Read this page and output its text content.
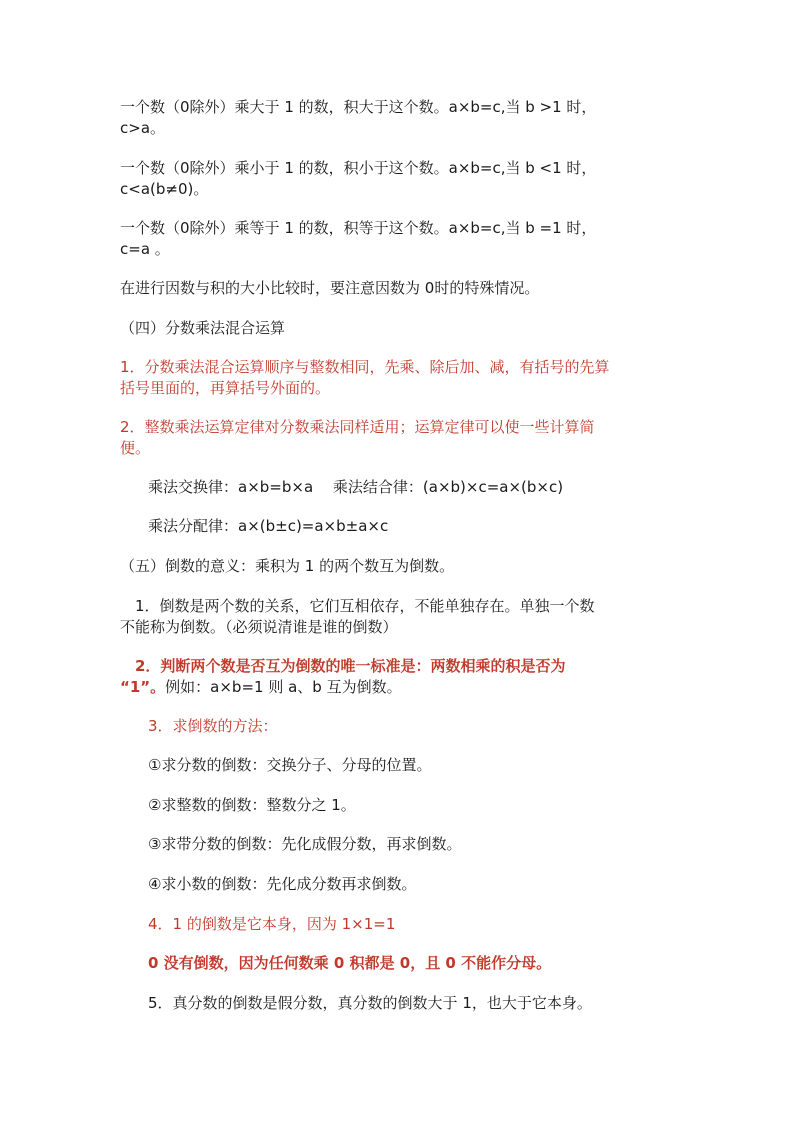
一个数（0除外）乘大于 1 的数，积大于这个数。a×b=c,当 b >1 时，
c>a。

一个数（0除外）乘小于 1 的数，积小于这个数。a×b=c,当 b <1 时，
c<a(b≠0)。

一个数（0除外）乘等于 1 的数，积等于这个数。a×b=c,当 b =1 时，
c=a 。

在进行因数与积的大小比较时，要注意因数为 0时的特殊情况。

（四）分数乘法混合运算

1．分数乘法混合运算顺序与整数相同，先乘、除后加、减，有括号的先算
括号里面的，再算括号外面的。

2．整数乘法运算定律对分数乘法同样适用；运算定律可以使一些计算简
便。

乘法交换律：a×b=b×a　 乘法结合律：(a×b)×c=a×(b×c)

乘法分配律：a×(b±c)=a×b±a×c

（五）倒数的意义：乘积为 1 的两个数互为倒数。

　1．倒数是两个数的关系，它们互相依存，不能单独存在。单独一个数
不能称为倒数。（必须说清谁是谁的倒数）

　2．判断两个数是否互为倒数的唯一标准是：两数相乘的积是否为
“1”。例如：a×b=1 则 a、b 互为倒数。

3．求倒数的方法：

①求分数的倒数：交换分子、分母的位置。

②求整数的倒数：整数分之 1。

③求带分数的倒数：先化成假分数，再求倒数。

④求小数的倒数：先化成分数再求倒数。

4．1 的倒数是它本身，因为 1×1=1

0 没有倒数，因为任何数乘 0 积都是 0，且 0 不能作分母。

5．真分数的倒数是假分数，真分数的倒数大于 1，也大于它本身。
